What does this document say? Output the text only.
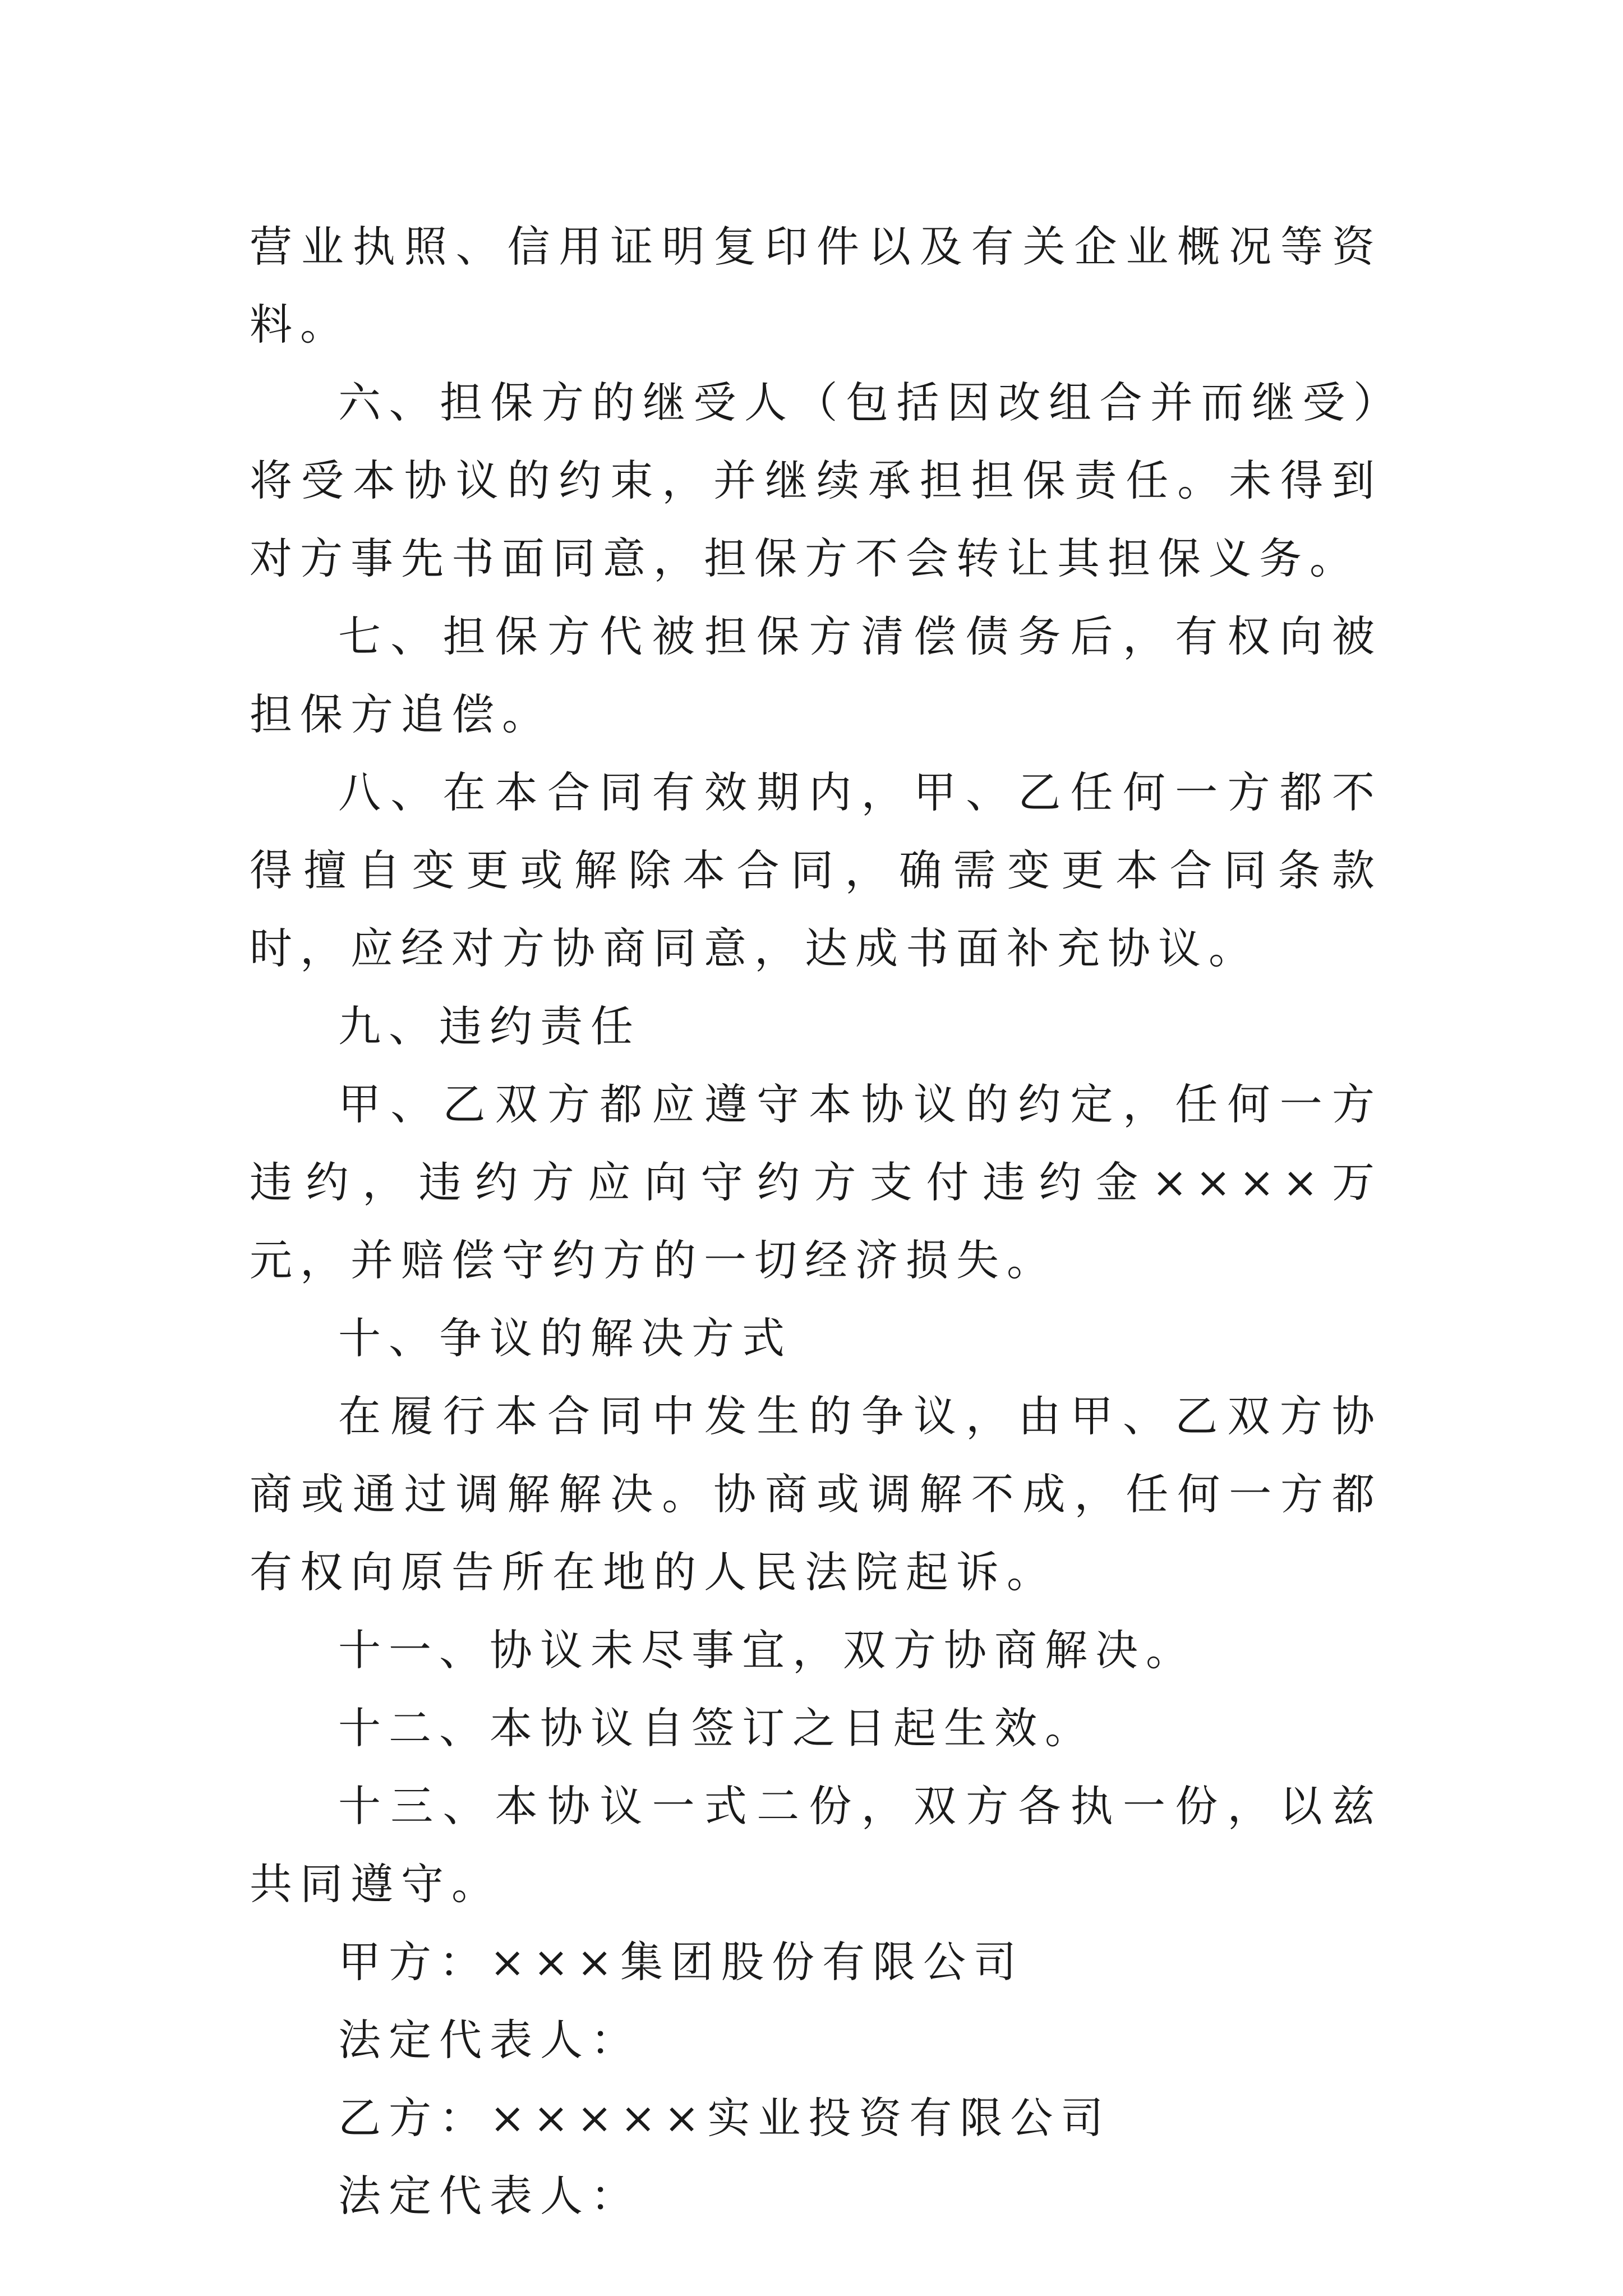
营业执照、信用证明复印件以及有关企业概况等资料。

六、担保方的继受人（包括因改组合并而继受）将受本协议的约束，并继续承担担保责任。未得到对方事先书面同意，担保方不会转让其担保义务。

七、担保方代被担保方清偿债务后，有权向被担保方追偿。

八、在本合同有效期内，甲、乙任何一方都不得擅自变更或解除本合同，确需变更本合同条款时，应经对方协商同意，达成书面补充协议。

九、违约责任

甲、乙双方都应遵守本协议的约定，任何一方违约，违约方应向守约方支付违约金××××万元，并赔偿守约方的一切经济损失。

十、争议的解决方式

在履行本合同中发生的争议，由甲、乙双方协商或通过调解解决。协商或调解不成，任何一方都有权向原告所在地的人民法院起诉。

十一、协议未尽事宜，双方协商解决。

十二、本协议自签订之日起生效。

十三、本协议一式二份，双方各执一份，以兹共同遵守。

甲方：×××集团股份有限公司

法定代表人：

乙方：×××××实业投资有限公司

法定代表人：
